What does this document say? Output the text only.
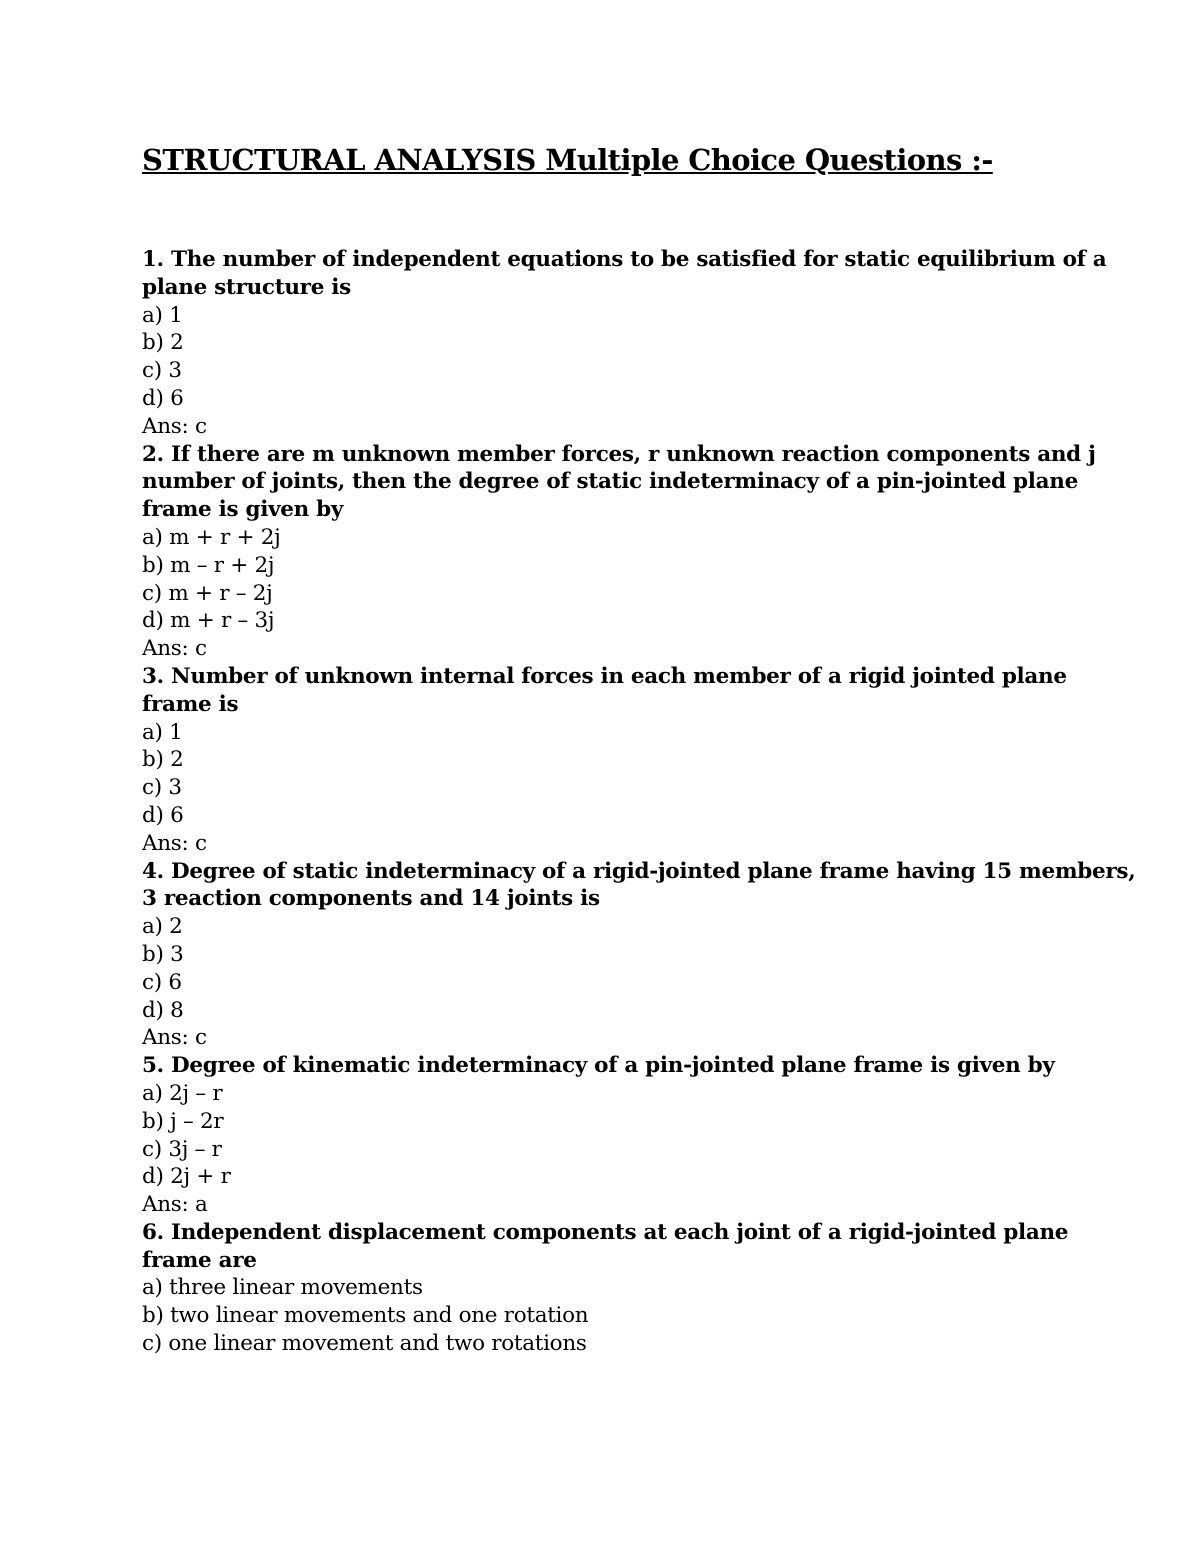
STRUCTURAL ANALYSIS Multiple Choice Questions :-
1. The number of independent equations to be satisfied for static equilibrium of a plane structure is
a) 1
b) 2
c) 3
d) 6
Ans: c
2. If there are m unknown member forces, r unknown reaction components and j number of joints, then the degree of static indeterminacy of a pin-jointed plane frame is given by
a) m + r + 2j
b) m – r + 2j
c) m + r – 2j
d) m + r – 3j
Ans: c
3. Number of unknown internal forces in each member of a rigid jointed plane frame is
a) 1
b) 2
c) 3
d) 6
Ans: c
4. Degree of static indeterminacy of a rigid-jointed plane frame having 15 members, 3 reaction components and 14 joints is
a) 2
b) 3
c) 6
d) 8
Ans: c
5. Degree of kinematic indeterminacy of a pin-jointed plane frame is given by
a) 2j – r
b) j – 2r
c) 3j – r
d) 2j + r
Ans: a
6. Independent displacement components at each joint of a rigid-jointed plane frame are
a) three linear movements
b) two linear movements and one rotation
c) one linear movement and two rotations
